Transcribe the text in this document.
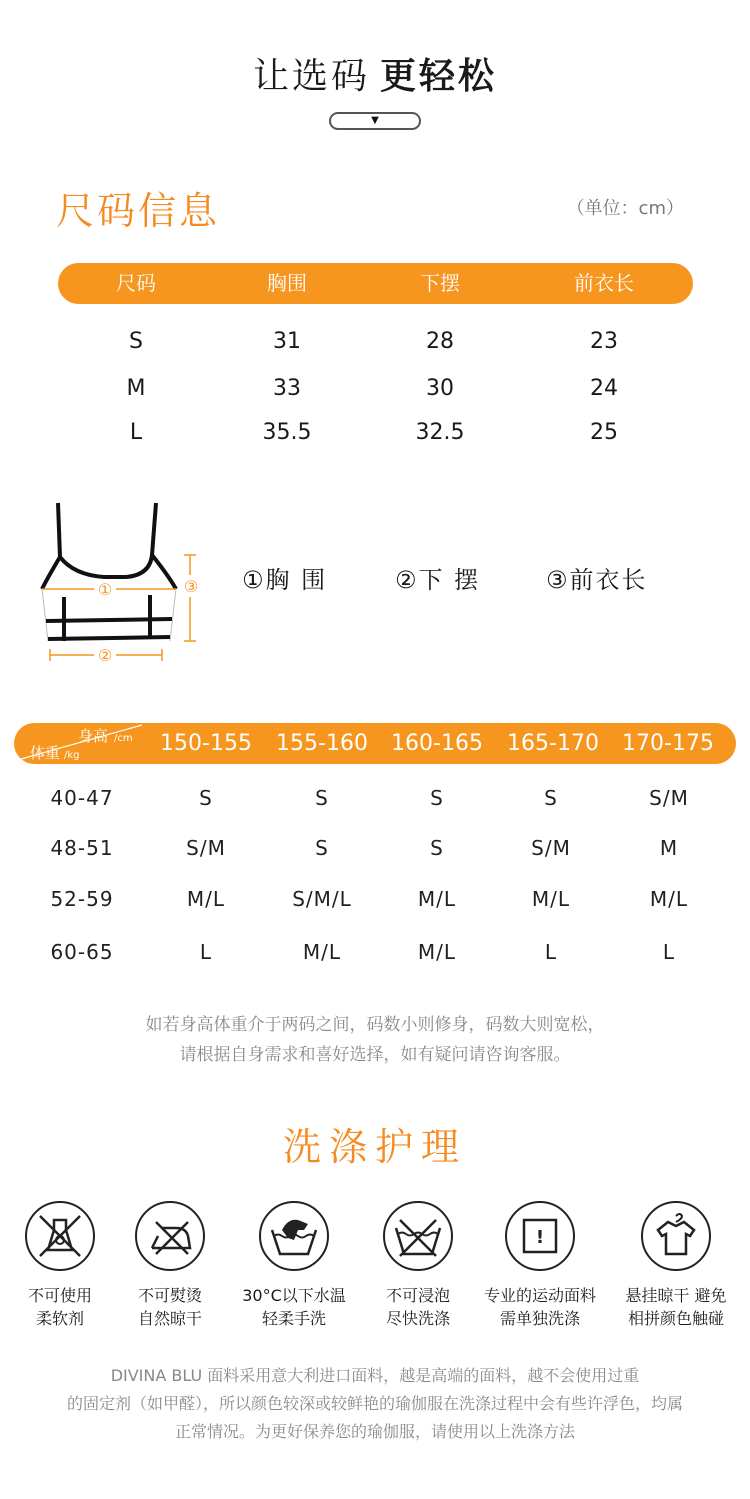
让选码 更轻松
▼
尺码信息	（单位：cm）
尺码	胸围	下摆	前衣长
S	31	28	23
M	33	30	24
L	35.5	32.5	25
①
②
③ ①胸 围	②下 摆	③前衣长
身高 /cm
体重 /kg	150-155	155-160	160-165	165-170	170-175
40-47	S	S	S	S	S/M
48-51	S/M	S	S	S/M	M
52-59	M/L	S/M/L	M/L	M/L	M/L
60-65	L	M/L	M/L	L	L
如若身高体重介于两码之间，码数小则修身，码数大则宽松，
请根据自身需求和喜好选择，如有疑问请咨询客服。
洗涤护理
不可使用
柔软剂
不可熨烫
自然晾干
30°C以下水温
轻柔手洗
不可浸泡
尽快洗涤
!
专业的运动面料
需单独洗涤
悬挂晾干 避免
相拼颜色触碰
DIVINA BLU 面料采用意大利进口面料，越是高端的面料，越不会使用过重
的固定剂（如甲醛），所以颜色较深或较鲜艳的瑜伽服在洗涤过程中会有些许浮色，均属
正常情况。为更好保养您的瑜伽服，请使用以上洗涤方法
